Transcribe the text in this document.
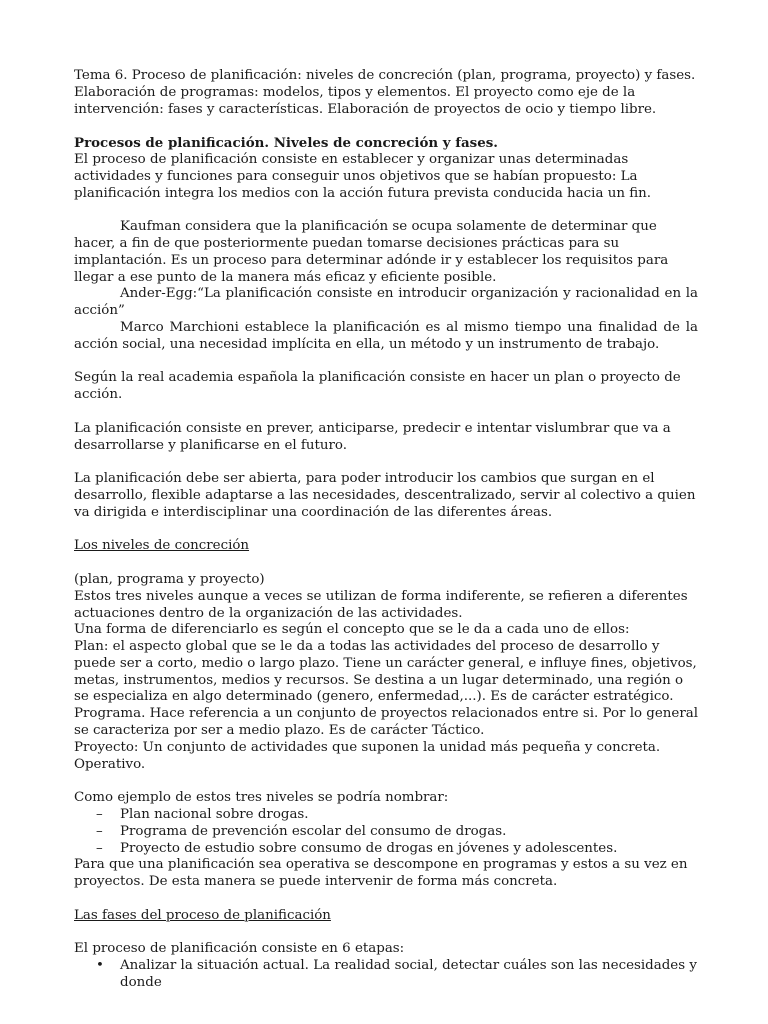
Tema 6. Proceso de planificación: niveles de concreción (plan, programa, proyecto) y fases. Elaboración de programas: modelos, tipos y elementos. El proyecto como eje de la intervención: fases y características. Elaboración de proyectos de ocio y tiempo libre.

Procesos de planificación. Niveles de concreción y fases.

El proceso de planificación consiste en establecer y organizar unas determinadas actividades y funciones para conseguir unos objetivos que se habían propuesto: La planificación integra los medios con la acción futura prevista conducida hacia un fin.

Kaufman considera que la planificación se ocupa solamente de determinar que hacer, a fin de que posteriormente puedan tomarse decisiones prácticas para su implantación. Es un proceso para determinar adónde ir y establecer los requisitos para llegar a ese punto de la manera más eficaz y eficiente posible.

Ander-Egg:“La planificación consiste en introducir organización y racionalidad en la acción”

Marco Marchioni establece la planificación es al mismo tiempo una finalidad de la acción social, una necesidad implícita en ella, un método y un instrumento de trabajo.

Según la real academia española la planificación consiste en hacer un plan o proyecto de acción.

La planificación consiste en prever, anticiparse, predecir e intentar vislumbrar que va a desarrollarse y planificarse en el futuro.

La planificación debe ser abierta, para poder introducir los cambios que surgan en el desarrollo, flexible adaptarse a las necesidades, descentralizado, servir al colectivo a quien va dirigida e interdisciplinar una coordinación de las diferentes áreas.

Los niveles de concreción

(plan, programa y proyecto)

Estos tres niveles aunque a veces se utilizan de forma indiferente, se refieren a diferentes actuaciones dentro de la organización de las actividades.

Una forma de diferenciarlo es según el concepto que se le da a cada uno de ellos:

Plan: el aspecto global que se le da a todas las actividades del proceso de desarrollo y puede ser a corto, medio o largo plazo. Tiene un carácter general, e influye fines, objetivos, metas, instrumentos, medios y recursos. Se destina a un lugar determinado, una región o se especializa en algo determinado (genero, enfermedad,...). Es de carácter estratégico.

Programa. Hace referencia a un conjunto de proyectos relacionados entre si. Por lo general se caracteriza por ser a medio plazo. Es de carácter Táctico.

Proyecto: Un conjunto de actividades que suponen la unidad más pequeña y concreta. Operativo.

Como ejemplo de estos tres niveles se podría nombrar:

– Plan nacional sobre drogas.
– Programa de prevención escolar del consumo de drogas.
– Proyecto de estudio sobre consumo de drogas en jóvenes y adolescentes.

Para que una planificación sea operativa se descompone en programas y estos a su vez en proyectos. De esta manera se puede intervenir de forma más concreta.

Las fases del proceso de planificación

El proceso de planificación consiste en 6 etapas:

• Analizar la situación actual. La realidad social, detectar cuáles son las necesidades y donde
